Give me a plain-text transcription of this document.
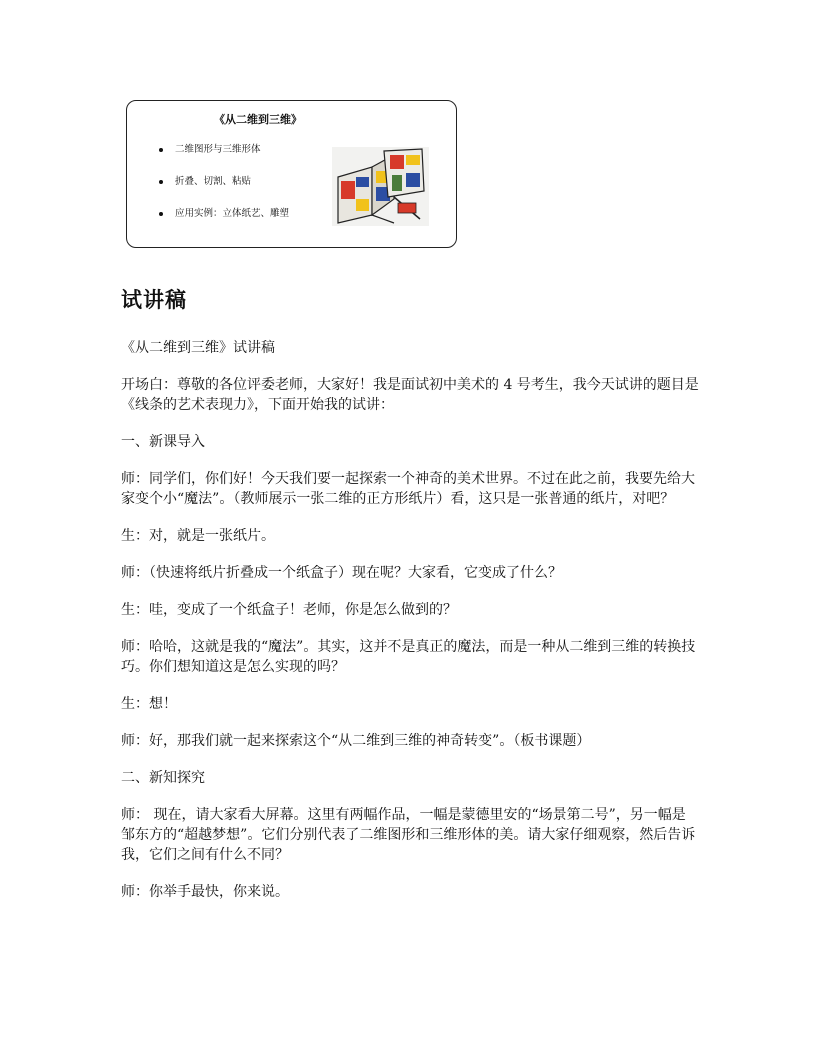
《从二维到三维》
二维图形与三维形体
折叠、切割、粘贴
应用实例：立体纸艺、雕塑
试讲稿

《从二维到三维》试讲稿

开场白：尊敬的各位评委老师，大家好！我是面试初中美术的 4 号考生，我今天试讲的题目是《线条的艺术表现力》，下面开始我的试讲：

一、新课导入

师：同学们，你们好！今天我们要一起探索一个神奇的美术世界。不过在此之前，我要先给大家变个小“魔法”。（教师展示一张二维的正方形纸片）看，这只是一张普通的纸片，对吧？

生：对，就是一张纸片。

师：（快速将纸片折叠成一个纸盒子）现在呢？大家看，它变成了什么？

生：哇，变成了一个纸盒子！老师，你是怎么做到的？

师：哈哈，这就是我的“魔法”。其实，这并不是真正的魔法，而是一种从二维到三维的转换技巧。你们想知道这是怎么实现的吗？

生：想！

师：好，那我们就一起来探索这个“从二维到三维的神奇转变”。（板书课题）

二、新知探究

师： 现在，请大家看大屏幕。这里有两幅作品，一幅是蒙德里安的“场景第二号”，另一幅是邹东方的“超越梦想”。它们分别代表了二维图形和三维形体的美。请大家仔细观察，然后告诉我，它们之间有什么不同？

师：你举手最快，你来说。
